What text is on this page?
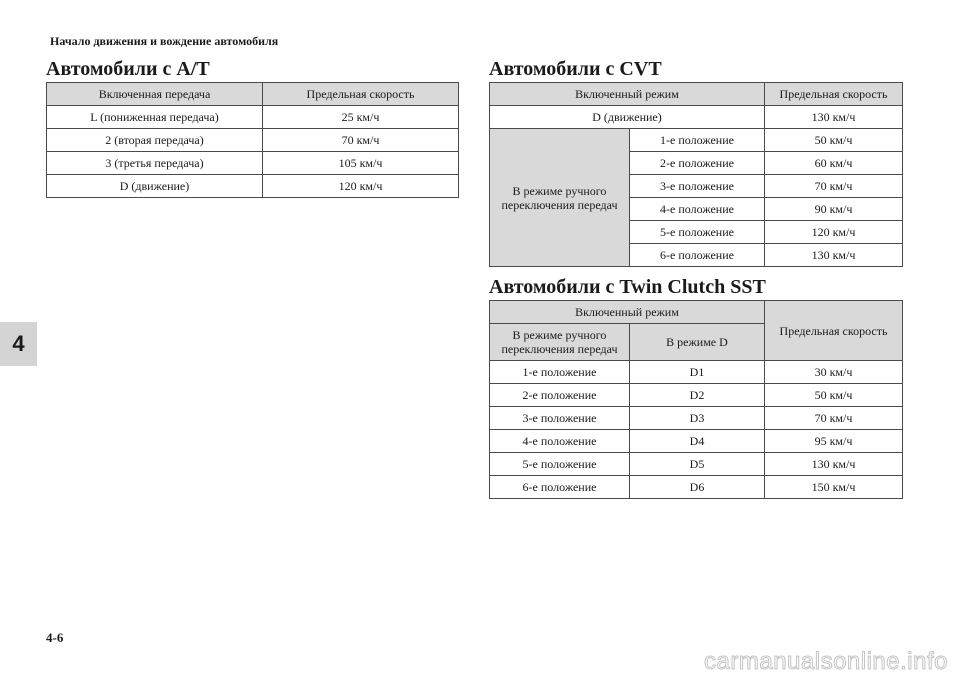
Начало движения и вождение автомобиля
Автомобили с A/T
Включенная передача	Предельная скорость
L (пониженная передача)	25 км/ч
2 (вторая передача)	70 км/ч
3 (третья передача)	105 км/ч
D (движение)	120 км/ч
Автомобили с CVT
Включенный режим		Предельная скорость
D (движение)		130 км/ч
В режиме ручного переключения передач	1-е положение	50 км/ч
	2-е положение	60 км/ч
	3-е положение	70 км/ч
	4-е положение	90 км/ч
	5-е положение	120 км/ч
	6-е положение	130 км/ч
Автомобили с Twin Clutch SST
Включенный режим		Предельная скорость
В режиме ручного переключения передач	В режиме D	
1-е положение	D1	30 км/ч
2-е положение	D2	50 км/ч
3-е положение	D3	70 км/ч
4-е положение	D4	95 км/ч
5-е положение	D5	130 км/ч
6-е положение	D6	150 км/ч
4
4-6
carmanualsonline.info
